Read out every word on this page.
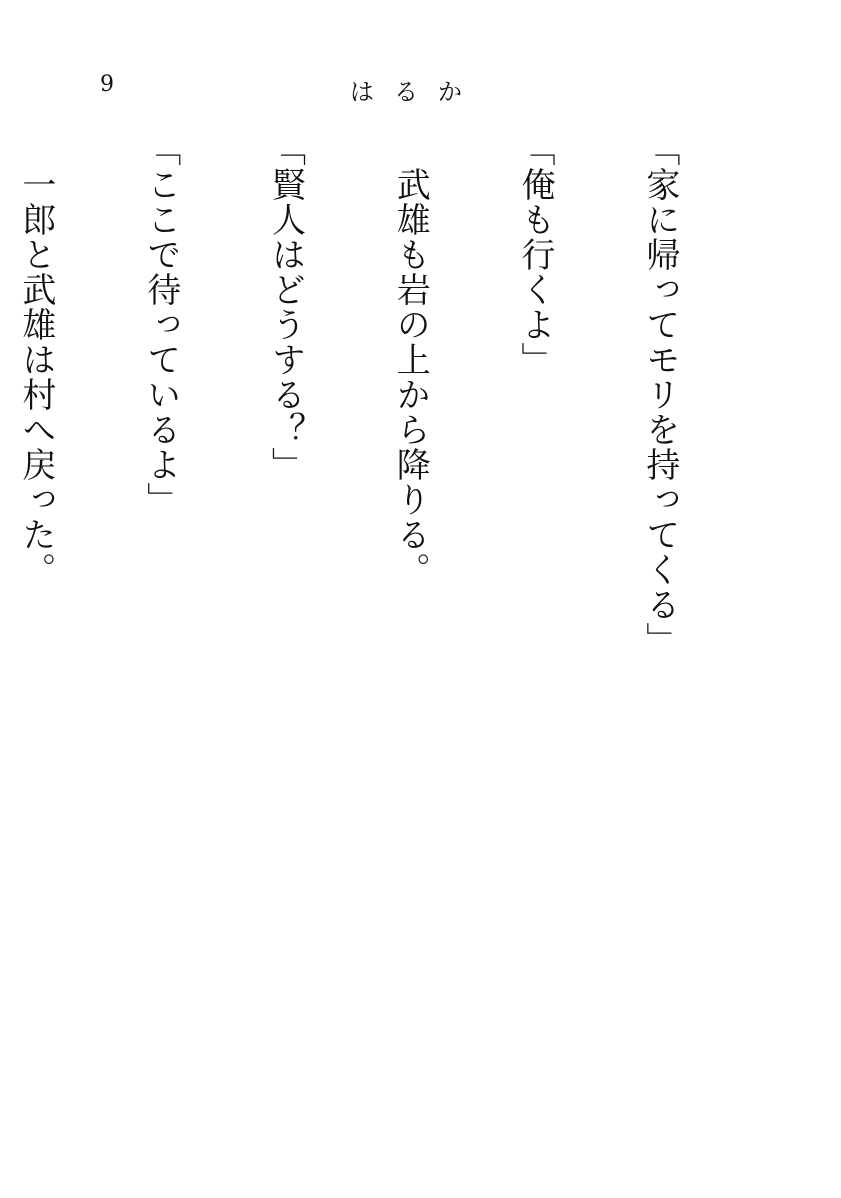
9	はるか

「家に帰ってモリを持ってくる」

「俺も行くよ」

　武雄も岩の上から降りる。

「賢人はどうする？」

「ここで待っているよ」

　一郎と武雄は村へ戻った。
